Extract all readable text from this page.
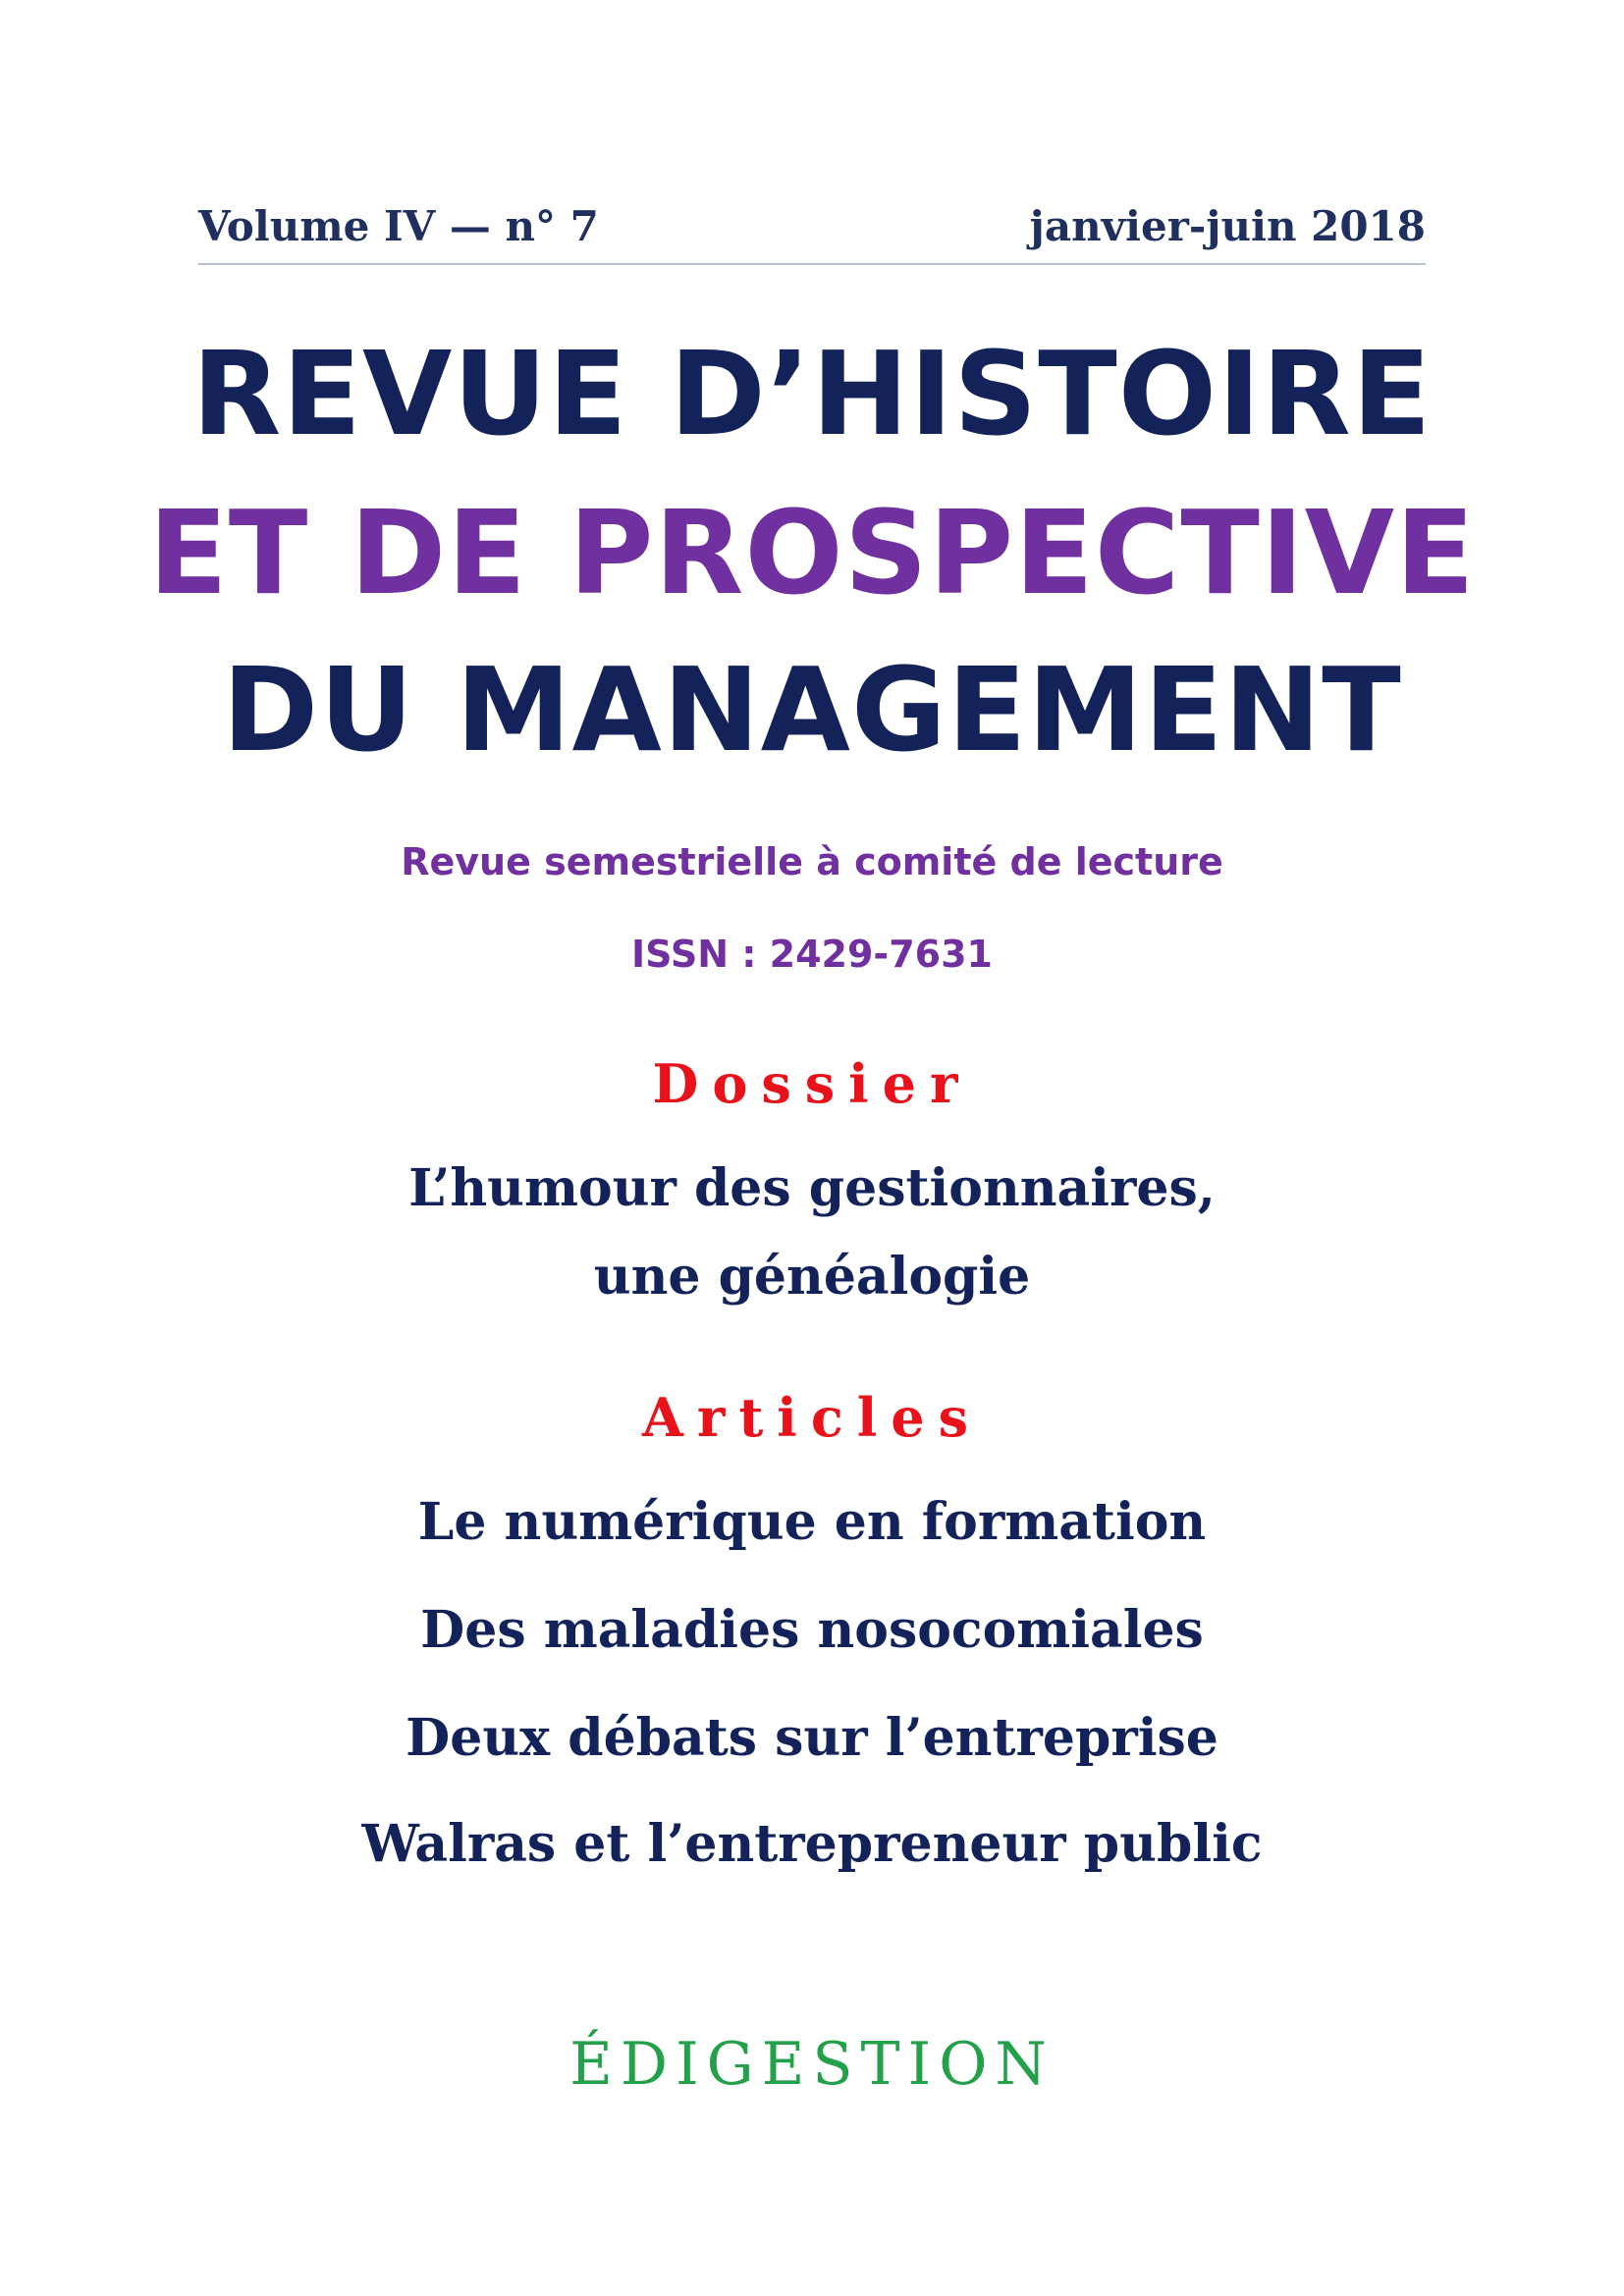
Volume IV — n° 7	janvier-juin 2018
REVUE D’HISTOIRE
ET DE PROSPECTIVE
DU MANAGEMENT
Revue semestrielle à comité de lecture
ISSN : 2429-7631
Dossier
L’humour des gestionnaires,
une généalogie
Articles
Le numérique en formation
Des maladies nosocomiales
Deux débats sur l’entreprise
Walras et l’entrepreneur public
ÉDIGESTION
